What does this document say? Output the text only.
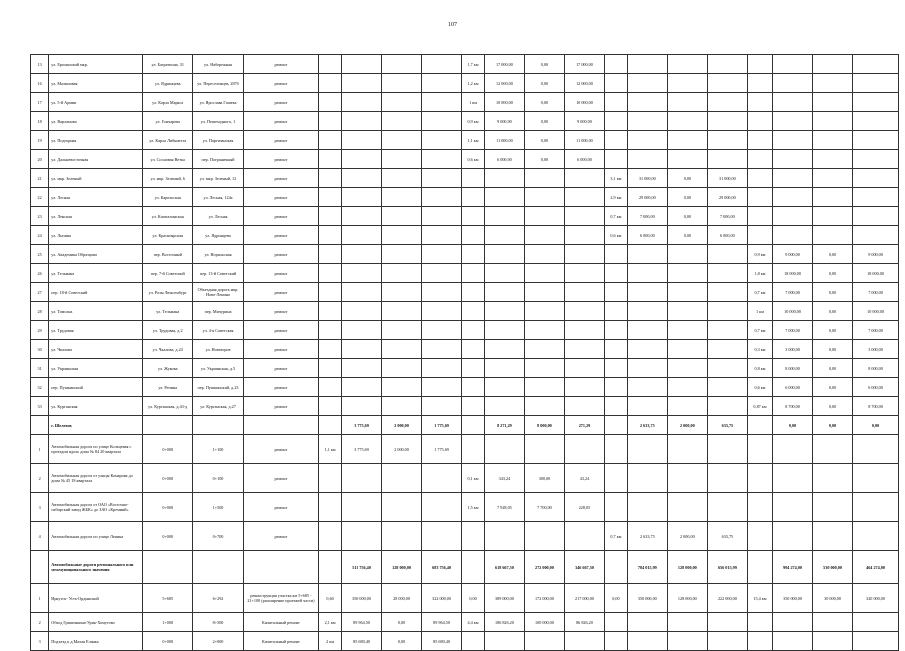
107
13	ул. Ерохинский мкр.	ул. Багратиона, 31	ул. Набережная	ремонт					1,7 км	17 000,00	0,00	17 000,00								
16	ул. Малиновая	ул. Ядринцева	ул. Переселенцев, 287б	ремонт					1,2 км	12 000,00	0,00	12 000,00								
17	ул. 5-й Армии	ул. Карла Маркса	ул. Ярослава Гашека	ремонт					1 км	10 000,00	0,00	10 000,00								
18	ул. Варламова	ул. Гончарова	ул. Пешеходного, 1	ремонт					0,9 км	9 000,00	0,00	9 000,00								
19	ул. Подгорная	ул. Карла Либкнехта	ул. Партизанская	ремонт					1,1 км	11 000,00	0,00	11 000,00								
20	ул. Дальневосточная	ул. Сосновая Ветка	пер. Пограничный	ремонт					0,6 км	6 000,00	0,00	6 000,00								
21	ул. мкр. Зеленый	ул. мкр. Зеленый, 6	ул. мкр. Зеленый, 12	ремонт									3,1 км	31 000,00	0,00	31 000,00				
22	ул. Лесная	ул. Карельская	ул. Лесная, 124а	ремонт									2,9 км	29 000,00	0,00	29 000,00				
23	ул. Ленская	ул. Кшаталинская	ул. Лесная	ремонт									0,7 км	7 000,00	0,00	7 000,00				
24	ул. Лызина	ул. Красноярская	ул. Ядринцева	ремонт									0,6 км	6 000,00	0,00	6 000,00				
25	ул. Академика Образцова	пер. Восточный	ул. Норильская	ремонт													0,9 км	9 000,00	0,00	9 000,00
26	ул. Тельмана	пер. 7-й Советский	пер. 13-й Советский	ремонт													1,8 км	18 000,00	0,00	18 000,00
27	пер. 18-й Советский	ул. Розы Люксембург	Объездная дорога мкр. Ново-Ленино	ремонт													0,7 км	7 000,00	0,00	7 000,00
28	ул. Томсона	ул. Тельмана	пер. Мичурина	ремонт													1 км	10 000,00	0,00	10 000,00
29	ул. Трудовая	ул. Трудовая, д.2	ул. 4-я Советская	ремонт													0,7 км	7 000,00	0,00	7 000,00
30	ул. Чкалова	ул. Чкалова, д.24	ул. Новаторов	ремонт													0,3 км	3 000,00	0,00	3 000,00
31	ул. Украинская	ул. Жукова	ул. Украинская, д.5	ремонт													0,8 км	8 000,00	0,00	8 000,00
32	пер. Пушкинский	ул. Репина	пер. Пушкинский, д.23	ремонт													0,6 км	6 000,00	0,00	6 000,00
33	ул. Курганская	ул. Курганская, д.43-д	ул. Курганская, д.27	ремонт													0,87 км	8 700,00	0,00	8 700,00
	г. Шелехов					3 775,69	2 000,00	1 775,69		8 271,29	8 000,00	271,29		2 633,75	2 000,00	633,75		0,00	0,00	0,00
1	Автомобильная дорога по улице Кольцевая с проездом вдоль дома № 84 20 квартала	0+000	1+100	ремонт	1,1 км	3 775,69	2 000,00	1 775,69												
2	Автомобильная дорога от улицы Комарова до дома № 45 18 квартала	0+000	0+100	ремонт					0,1 км	343,24	300,00	43,24								
3	Автомобильная дорога от ОАО «Восточно-сибирский завод ЖБК» до ЗАО «Кремний»	0+000	1+500	ремонт					1,5 км	7 928,05	7 700,00	228,05								
4	Автомобильная дорога по улице Ленина	0+000	0+700	ремонт									0,7 км	2 633,75	2 000,00	633,75				
	Автомобильные дороги регионального или межмуниципального значения					511 756,40	128 000,00	683 756,40		618 667,50	272 000,00	346 667,50		784 015,99	128 000,00	656 015,99		994 274,00	530 000,00	464 274,00
1	Иркутск- Усть-Ордынский	5+685	6+292	реконструкция участка км 5+685 - 21+100 (расширение проезжей части)	0,60	350 000,00	28 000,00	322 000,00	0,00	389 000,00	172 000,00	217 000,00	0,00	350 000,00	128 000,00	222 000,00	15,4 км	350 000,00	30 000,00	320 000,00
2	Обход Гришенкина-Урик-Хомутово	1+000	8+500	Капитальный ремонт	2,1 км	89 964,50	0,00	89 964,50	4,4 км	186 826,20	100 000,00	86 826,20								
3	Подъезд к д.Малая Еланка	0+000	2+000	Капитальный ремонт	2 км	85 680,40	0,00	85 680,40												
